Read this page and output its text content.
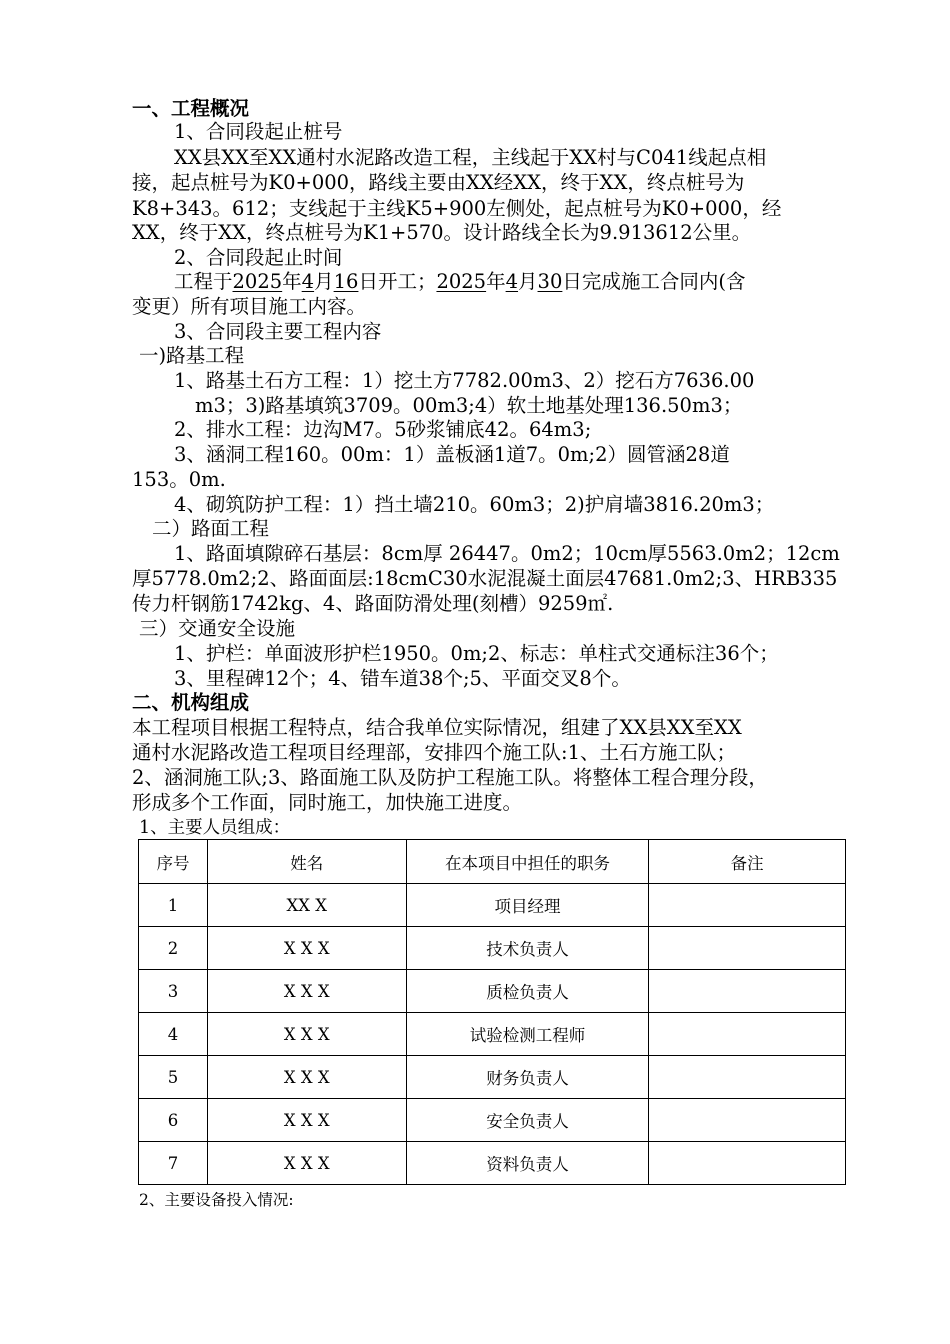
一、工程概况
1、合同段起止桩号
XX县XX至XX通村水泥路改造工程，主线起于XX村与C041线起点相
接，起点桩号为K0+000，路线主要由XX经XX，终于XX，终点桩号为
K8+343。612；支线起于主线K5+900左侧处，起点桩号为K0+000，经
XX，终于XX，终点桩号为K1+570。设计路线全长为9.913612公里。
2、合同段起止时间
工程于2025年4月16日开工；2025年4月30日完成施工合同内(含
变更）所有项目施工内容。
3、合同段主要工程内容
一)路基工程
1、路基土石方工程：1）挖土方7782.00m3、2）挖石方7636.00
m3；3)路基填筑3709。00m3;4）软土地基处理136.50m3；
2、排水工程：边沟M7。5砂浆铺底42。64m3;
3、涵洞工程160。00m：1）盖板涵1道7。0m;2）圆管涵28道
153。0m.
4、砌筑防护工程：1）挡土墙210。60m3；2)护肩墙3816.20m3；
二）路面工程
1、路面填隙碎石基层：8cm厚 26447。0m2；10cm厚5563.0m2；12cm
厚5778.0m2;2、路面面层:18cmC30水泥混凝土面层47681.0m2;3、HRB335
传力杆钢筋1742kg、4、路面防滑处理(刻槽）9259㎡.
三）交通安全设施
1、护栏：单面波形护栏1950。0m;2、标志：单柱式交通标注36个；
3、里程碑12个；4、错车道38个;5、平面交叉8个。
二、机构组成
本工程项目根据工程特点，结合我单位实际情况，组建了XX县XX至XX
通村水泥路改造工程项目经理部，安排四个施工队:1、土石方施工队；
2、涵洞施工队;3、路面施工队及防护工程施工队。将整体工程合理分段，
形成多个工作面，同时施工，加快施工进度。
1、主要人员组成：
序号	姓名	在本项目中担任的职务	备注
1	XX X	项目经理	
2	X X X	技术负责人	
3	X X X	质检负责人	
4	X X X	试验检测工程师	
5	X X X	财务负责人	
6	X X X	安全负责人	
7	X X X	资料负责人	
2、主要设备投入情况:
